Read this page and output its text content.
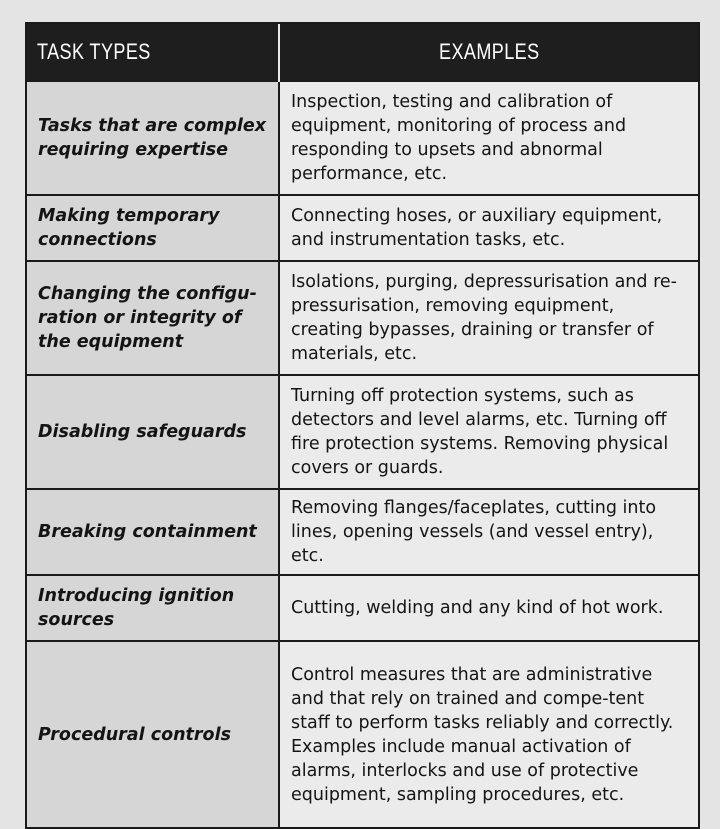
TASK TYPES	EXAMPLES
Tasks that are complex requiring expertise	Inspection, testing and calibration of equipment, monitoring of process and responding to upsets and abnormal performance, etc.
Making temporary connections	Connecting hoses, or auxiliary equipment, and instrumentation tasks, etc.
Changing the configu-ration or integrity of the equipment	Isolations, purging, depressurisation and re-pressurisation, removing equipment, creating bypasses, draining or transfer of materials, etc.
Disabling safeguards	Turning off protection systems, such as detectors and level alarms, etc. Turning off fire protection systems. Removing physical covers or guards.
Breaking containment	Removing flanges/faceplates, cutting into lines, opening vessels (and vessel entry), etc.
Introducing ignition sources	Cutting, welding and any kind of hot work.
Procedural controls	Control measures that are administrative and that rely on trained and compe-tent staff to perform tasks reliably and correctly. Examples include manual activation of alarms, interlocks and use of protective equipment, sampling procedures, etc.
